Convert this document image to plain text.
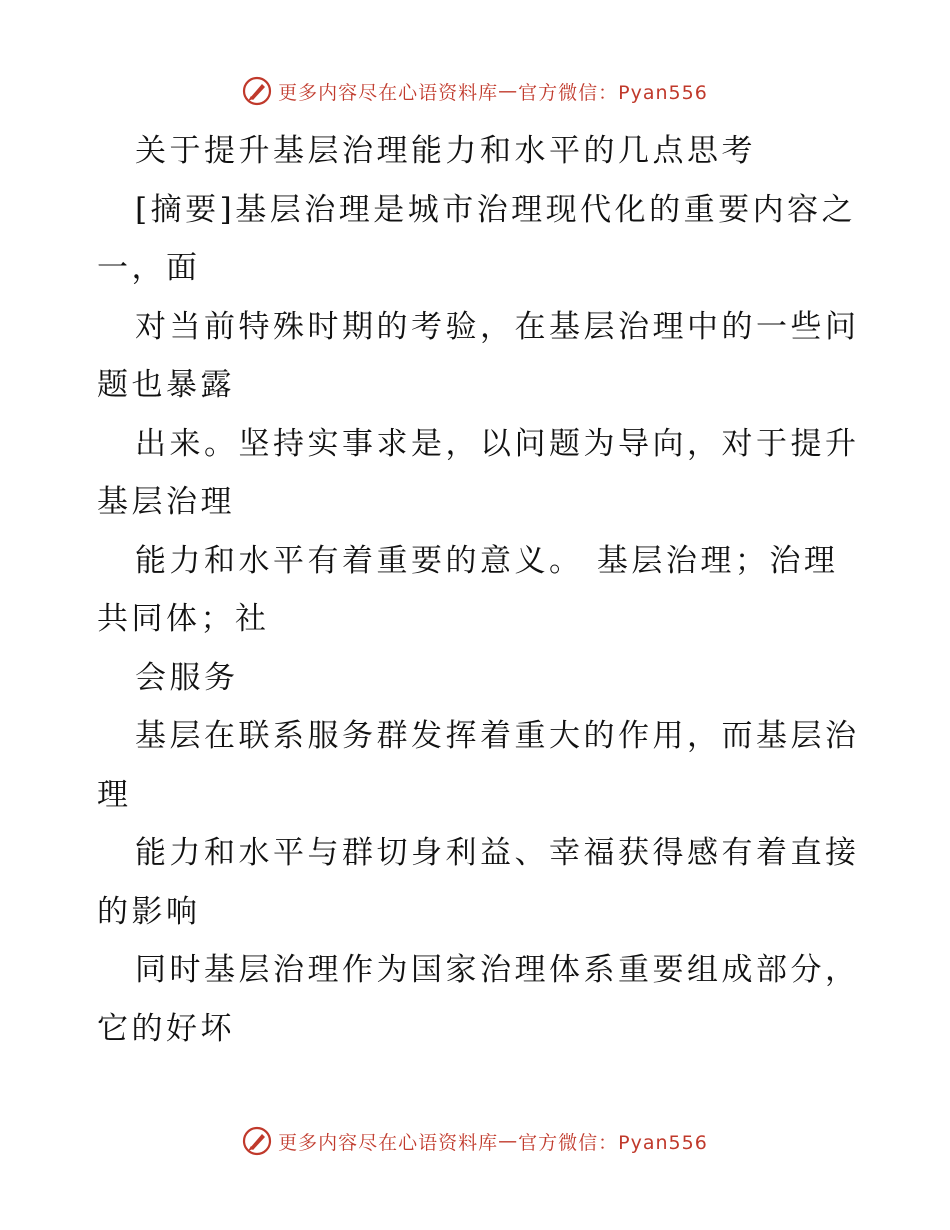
更多内容尽在心语资料库 — 官方微信：Pyan556
关于提升基层治理能力和水平的几点思考
[摘要]基层治理是城市治理现代化的重要内容之
一，面
对当前特殊时期的考验，在基层治理中的一些问
题也暴露
出来。坚持实事求是，以问题为导向，对于提升
基层治理
能力和水平有着重要的意义。 基层治理；治理
共同体；社
会服务
基层在联系服务群发挥着重大的作用，而基层治
理
能力和水平与群切身利益、幸福获得感有着直接
的影响
同时基层治理作为国家治理体系重要组成部分，
它的好坏
更多内容尽在心语资料库 — 官方微信：Pyan556
